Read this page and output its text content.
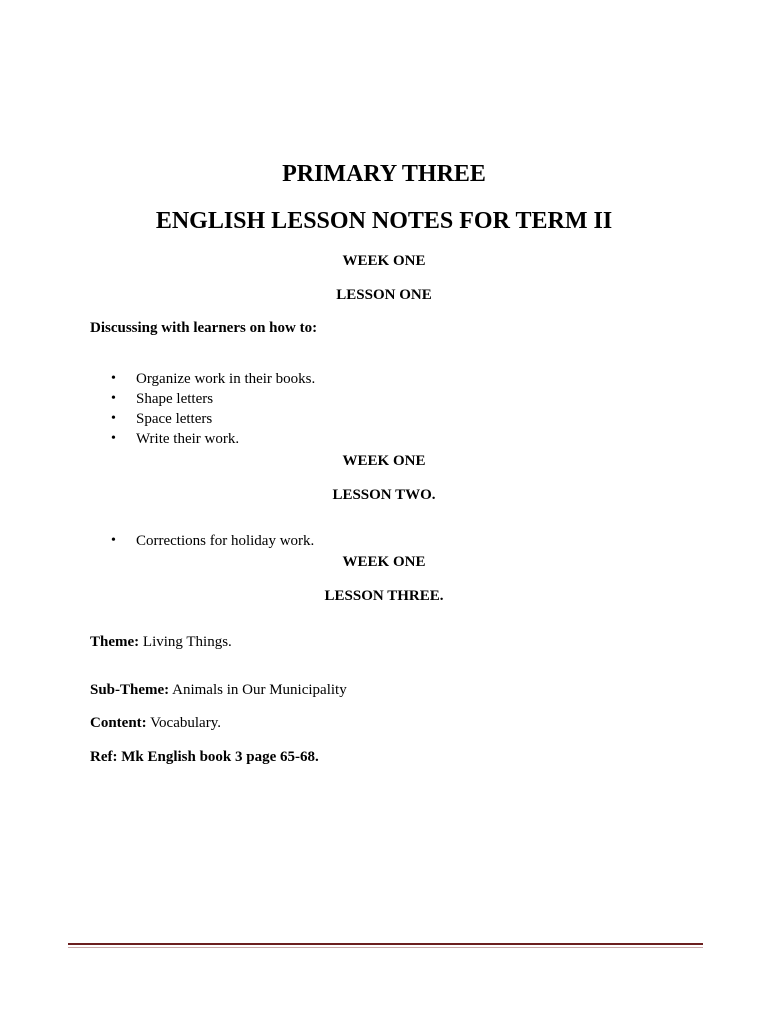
PRIMARY THREE
ENGLISH LESSON NOTES FOR TERM II
WEEK ONE
LESSON ONE
Discussing with learners on how to:
• Organize work in their books.
• Shape letters
• Space letters
• Write their work.
WEEK ONE
LESSON TWO.
• Corrections for holiday work.
WEEK ONE
LESSON THREE.
Theme: Living Things.
Sub-Theme: Animals in Our Municipality
Content: Vocabulary.
Ref: Mk English book 3 page 65-68.
